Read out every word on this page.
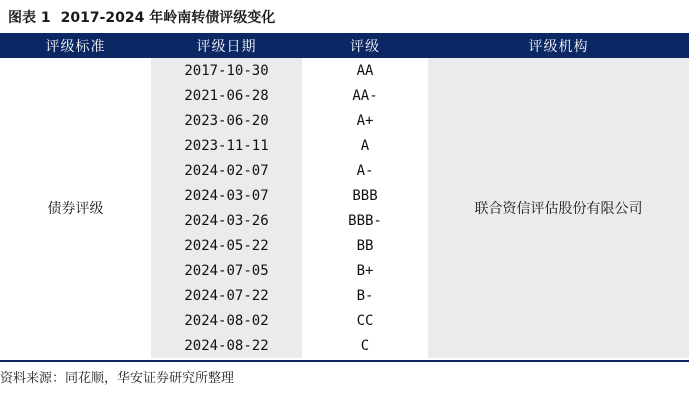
图表 1 2017-2024 年岭南转债评级变化
评级标准	评级日期	评级	评级机构
债券评级	2017-10-30	AA	联合资信评估股份有限公司
	2021-06-28	AA-	
	2023-06-20	A+	
	2023-11-11	A	
	2024-02-07	A-	
	2024-03-07	BBB	
	2024-03-26	BBB-	
	2024-05-22	BB	
	2024-07-05	B+	
	2024-07-22	B-	
	2024-08-02	CC	
	2024-08-22	C	
资料来源：同花顺，华安证券研究所整理
